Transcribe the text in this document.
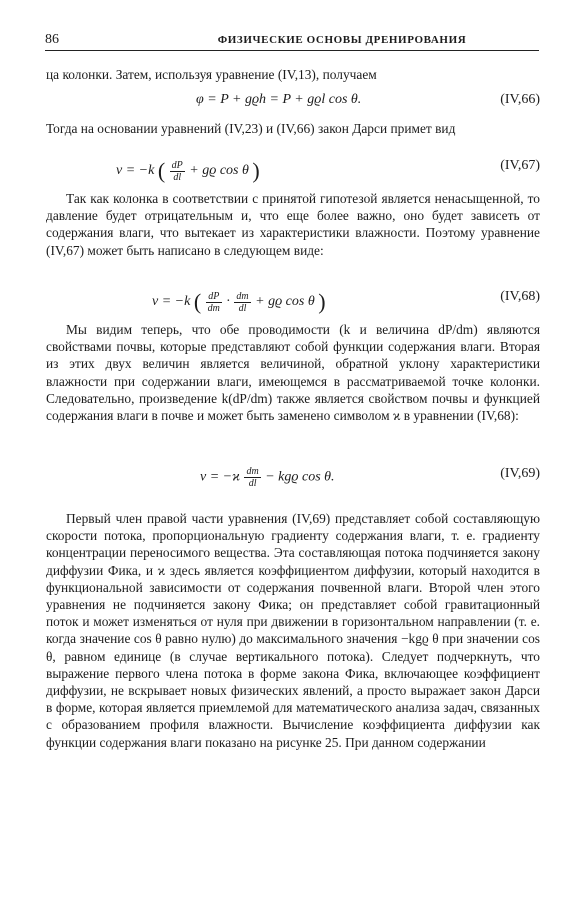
86	ФИЗИЧЕСКИЕ ОСНОВЫ ДРЕНИРОВАНИЯ
ца колонки. Затем, используя уравнение (IV,13), получаем
φ = P + gϱh = P + gϱl cos θ.	(IV,66)
Тогда на основании уравнений (IV,23) и (IV,66) закон Дарси примет вид
v = −k ( $\frac{dP}{dl} + gϱ$ cos θ )	(IV,67)
Так как колонка в соответствии с принятой гипотезой является ненасыщенной, то давление будет отрицательным и, что еще более важно, оно будет зависеть от содержания влаги, что вытекает из характеристики влажности. Поэтому уравнение (IV,67) может быть написано в следующем виде:
v = −k ( $\frac{dP}{dm} \cdot \frac{dm}{dl} + gϱ$ cos θ )	(IV,68)
Мы видим теперь, что обе проводимости (k и величина dP/dm) являются свойствами почвы, которые представляют собой функции содержания влаги. Вторая из этих двух величин является величиной, обратной уклону характеристики влажности при содержании влаги, имеющемся в рассматриваемой точке колонки. Следовательно, произведение k(dP/dm) также является свойством почвы и функцией содержания влаги в почве и может быть заменено символом ϰ в уравнении (IV,68):
$v = -ϰ \frac{dm}{dl} - kgϱ$ cos θ.	(IV,69)
Первый член правой части уравнения (IV,69) представляет собой составляющую скорости потока, пропорциональную градиенту содержания влаги, т. е. градиенту концентрации переносимого вещества. Эта составляющая потока подчиняется закону диффузии Фика, и ϰ здесь является коэффициентом диффузии, который находится в функциональной зависимости от содержания почвенной влаги. Второй член этого уравнения не подчиняется закону Фика; он представляет собой гравитационный поток и может изменяться от нуля при движении в горизонтальном направлении (т. е. когда значение cos θ равно нулю) до максимального значения −kgϱ θ при значении cos θ, равном единице (в случае вертикального потока). Следует подчеркнуть, что выражение первого члена потока в форме закона Фика, включающее коэффициент диффузии, не вскрывает новых физических явлений, а просто выражает закон Дарси в форме, которая является приемлемой для математического анализа задач, связанных с образованием профиля влажности. Вычисление коэффициента диффузии как функции содержания влаги показано на рисунке 25. При данном содержании
